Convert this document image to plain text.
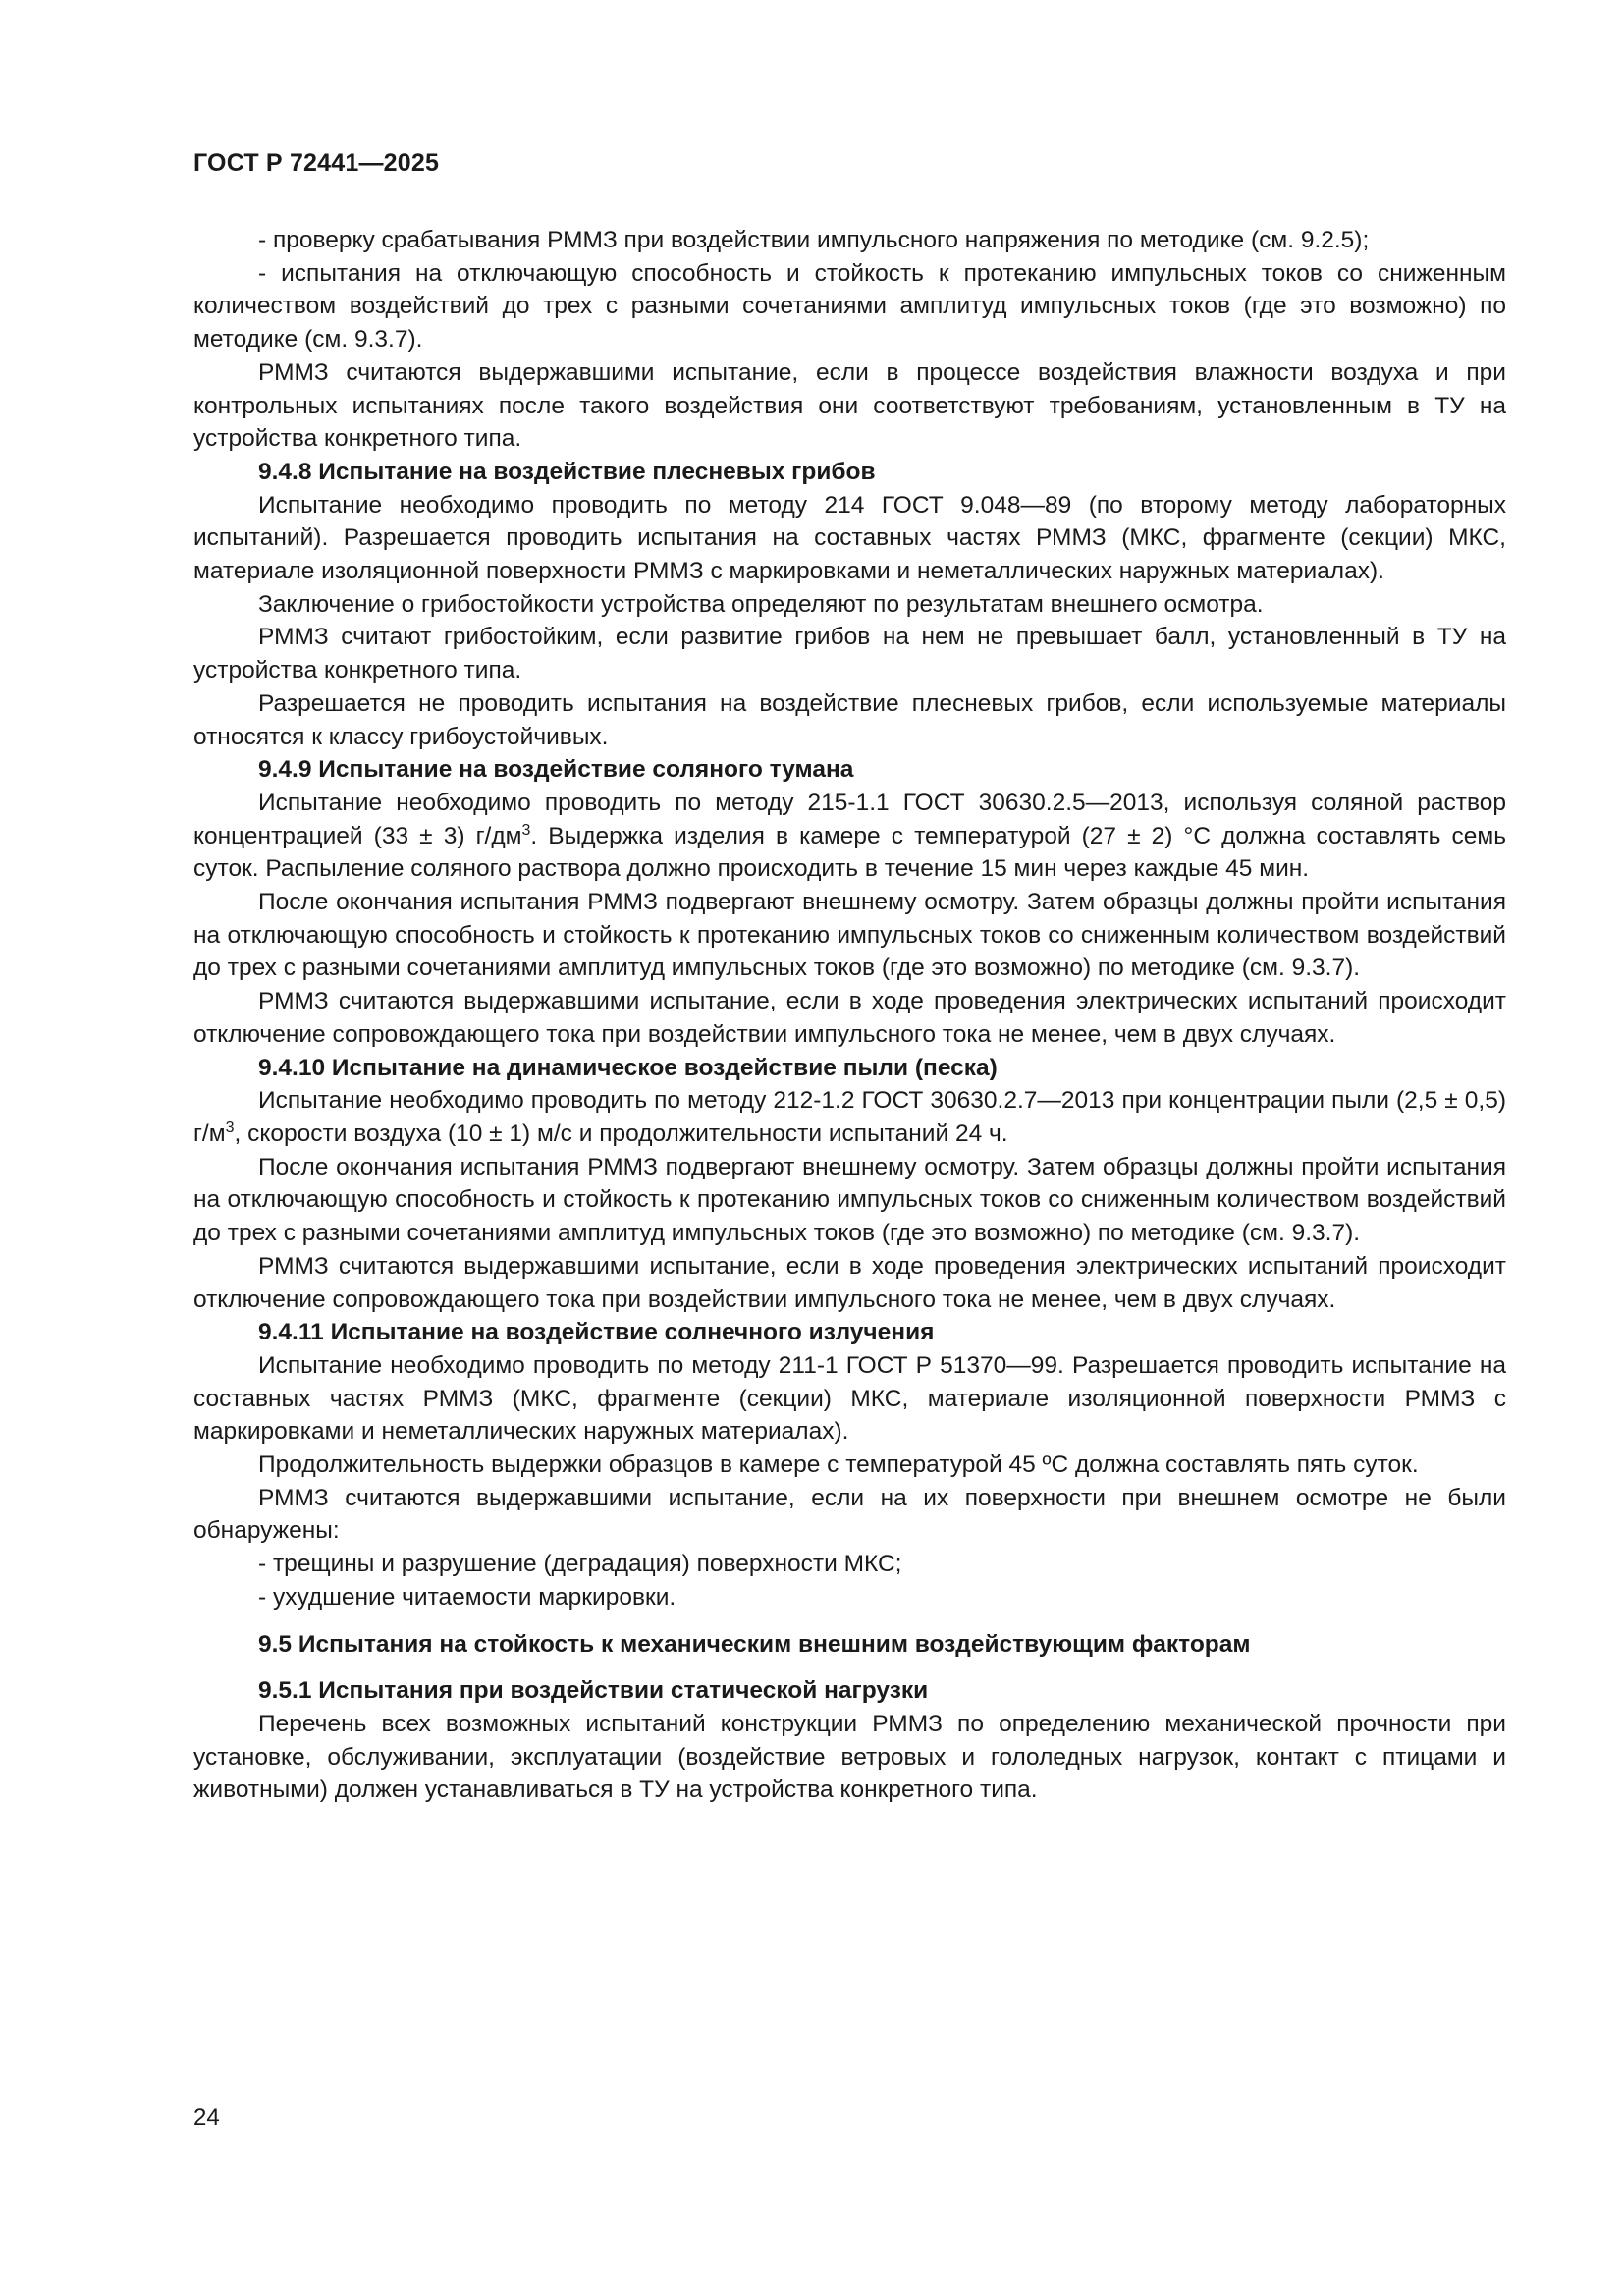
ГОСТ Р 72441—2025

- проверку срабатывания РММЗ при воздействии импульсного напряжения по методике (см. 9.2.5);

- испытания на отключающую способность и стойкость к протеканию импульсных токов со сниженным количеством воздействий до трех с разными сочетаниями амплитуд импульсных токов (где это возможно) по методике (см. 9.3.7).

РММЗ считаются выдержавшими испытание, если в процессе воздействия влажности воздуха и при контрольных испытаниях после такого воздействия они соответствуют требованиям, установленным в ТУ на устройства конкретного типа.

9.4.8 Испытание на воздействие плесневых грибов

Испытание необходимо проводить по методу 214 ГОСТ 9.048—89 (по второму методу лабораторных испытаний). Разрешается проводить испытания на составных частях РММЗ (МКС, фрагменте (секции) МКС, материале изоляционной поверхности РММЗ с маркировками и неметаллических наружных материалах).

Заключение о грибостойкости устройства определяют по результатам внешнего осмотра.

РММЗ считают грибостойким, если развитие грибов на нем не превышает балл, установленный в ТУ на устройства конкретного типа.

Разрешается не проводить испытания на воздействие плесневых грибов, если используемые материалы относятся к классу грибоустойчивых.

9.4.9 Испытание на воздействие соляного тумана

Испытание необходимо проводить по методу 215-1.1 ГОСТ 30630.2.5—2013, используя соляной раствор концентрацией (33 ± 3) $г/дм^3$. Выдержка изделия в камере с температурой (27 ± 2) °С должна составлять семь суток. Распыление соляного раствора должно происходить в течение 15 мин через каждые 45 мин.

После окончания испытания РММЗ подвергают внешнему осмотру. Затем образцы должны пройти испытания на отключающую способность и стойкость к протеканию импульсных токов со сниженным количеством воздействий до трех с разными сочетаниями амплитуд импульсных токов (где это возможно) по методике (см. 9.3.7).

РММЗ считаются выдержавшими испытание, если в ходе проведения электрических испытаний происходит отключение сопровождающего тока при воздействии импульсного тока не менее, чем в двух случаях.

9.4.10 Испытание на динамическое воздействие пыли (песка)

Испытание необходимо проводить по методу 212-1.2 ГОСТ 30630.2.7—2013 при концентрации пыли (2,5 ± 0,5) $г/м^3$, скорости воздуха (10 ± 1) м/с и продолжительности испытаний 24 ч.

После окончания испытания РММЗ подвергают внешнему осмотру. Затем образцы должны пройти испытания на отключающую способность и стойкость к протеканию импульсных токов со сниженным количеством воздействий до трех с разными сочетаниями амплитуд импульсных токов (где это возможно) по методике (см. 9.3.7).

РММЗ считаются выдержавшими испытание, если в ходе проведения электрических испытаний происходит отключение сопровождающего тока при воздействии импульсного тока не менее, чем в двух случаях.

9.4.11 Испытание на воздействие солнечного излучения

Испытание необходимо проводить по методу 211-1 ГОСТ Р 51370—99. Разрешается проводить испытание на составных частях РММЗ (МКС, фрагменте (секции) МКС, материале изоляционной поверхности РММЗ с маркировками и неметаллических наружных материалах).

Продолжительность выдержки образцов в камере с температурой 45 ºС должна составлять пять суток.

РММЗ считаются выдержавшими испытание, если на их поверхности при внешнем осмотре не были обнаружены:

- трещины и разрушение (деградация) поверхности МКС;

- ухудшение читаемости маркировки.

9.5 Испытания на стойкость к механическим внешним воздействующим факторам
9.5.1 Испытания при воздействии статической нагрузки

Перечень всех возможных испытаний конструкции РММЗ по определению механической прочности при установке, обслуживании, эксплуатации (воздействие ветровых и гололедных нагрузок, контакт с птицами и животными) должен устанавливаться в ТУ на устройства конкретного типа.

24
